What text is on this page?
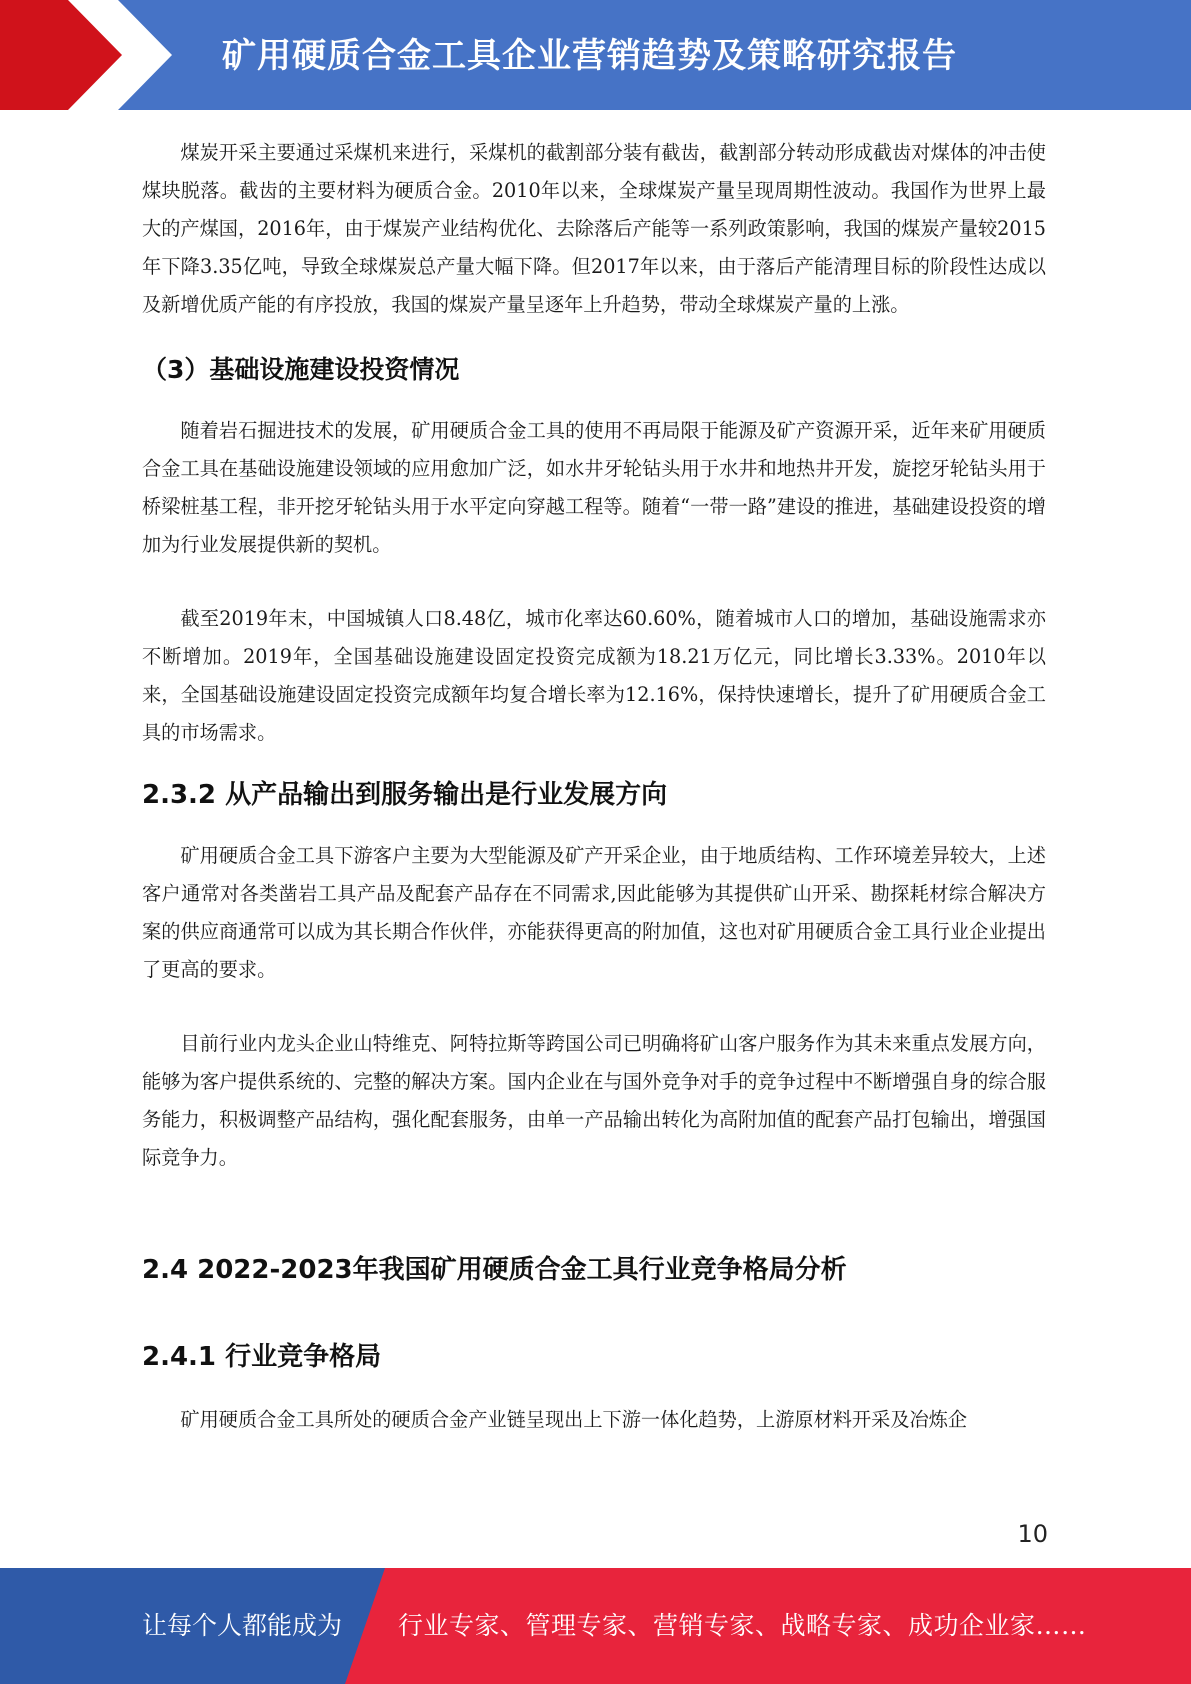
矿用硬质合金工具企业营销趋势及策略研究报告

煤炭开采主要通过采煤机来进行，采煤机的截割部分装有截齿，截割部分转动形成截齿对煤体的冲击使煤块脱落。截齿的主要材料为硬质合金。2010年以来，全球煤炭产量呈现周期性波动。我国作为世界上最大的产煤国，2016年，由于煤炭产业结构优化、去除落后产能等一系列政策影响，我国的煤炭产量较2015年下降3.35亿吨，导致全球煤炭总产量大幅下降。但2017年以来，由于落后产能清理目标的阶段性达成以及新增优质产能的有序投放，我国的煤炭产量呈逐年上升趋势，带动全球煤炭产量的上涨。

（3）基础设施建设投资情况

随着岩石掘进技术的发展，矿用硬质合金工具的使用不再局限于能源及矿产资源开采，近年来矿用硬质合金工具在基础设施建设领域的应用愈加广泛，如水井牙轮钻头用于水井和地热井开发，旋挖牙轮钻头用于桥梁桩基工程，非开挖牙轮钻头用于水平定向穿越工程等。随着“一带一路”建设的推进，基础建设投资的增加为行业发展提供新的契机。

截至2019年末，中国城镇人口8.48亿，城市化率达60.60%，随着城市人口的增加，基础设施需求亦不断增加。2019年，全国基础设施建设固定投资完成额为18.21万亿元，同比增长3.33%。2010年以来，全国基础设施建设固定投资完成额年均复合增长率为12.16%，保持快速增长，提升了矿用硬质合金工具的市场需求。

2.3.2 从产品输出到服务输出是行业发展方向

矿用硬质合金工具下游客户主要为大型能源及矿产开采企业，由于地质结构、工作环境差异较大，上述客户通常对各类凿岩工具产品及配套产品存在不同需求,因此能够为其提供矿山开采、勘探耗材综合解决方案的供应商通常可以成为其长期合作伙伴，亦能获得更高的附加值，这也对矿用硬质合金工具行业企业提出了更高的要求。

目前行业内龙头企业山特维克、阿特拉斯等跨国公司已明确将矿山客户服务作为其未来重点发展方向，能够为客户提供系统的、完整的解决方案。国内企业在与国外竞争对手的竞争过程中不断增强自身的综合服务能力，积极调整产品结构，强化配套服务，由单一产品输出转化为高附加值的配套产品打包输出，增强国际竞争力。

2.4 2022-2023年我国矿用硬质合金工具行业竞争格局分析
2.4.1 行业竞争格局

矿用硬质合金工具所处的硬质合金产业链呈现出上下游一体化趋势，上游原材料开采及冶炼企

10
让每个人都能成为 行业专家、管理专家、营销专家、战略专家、成功企业家……
